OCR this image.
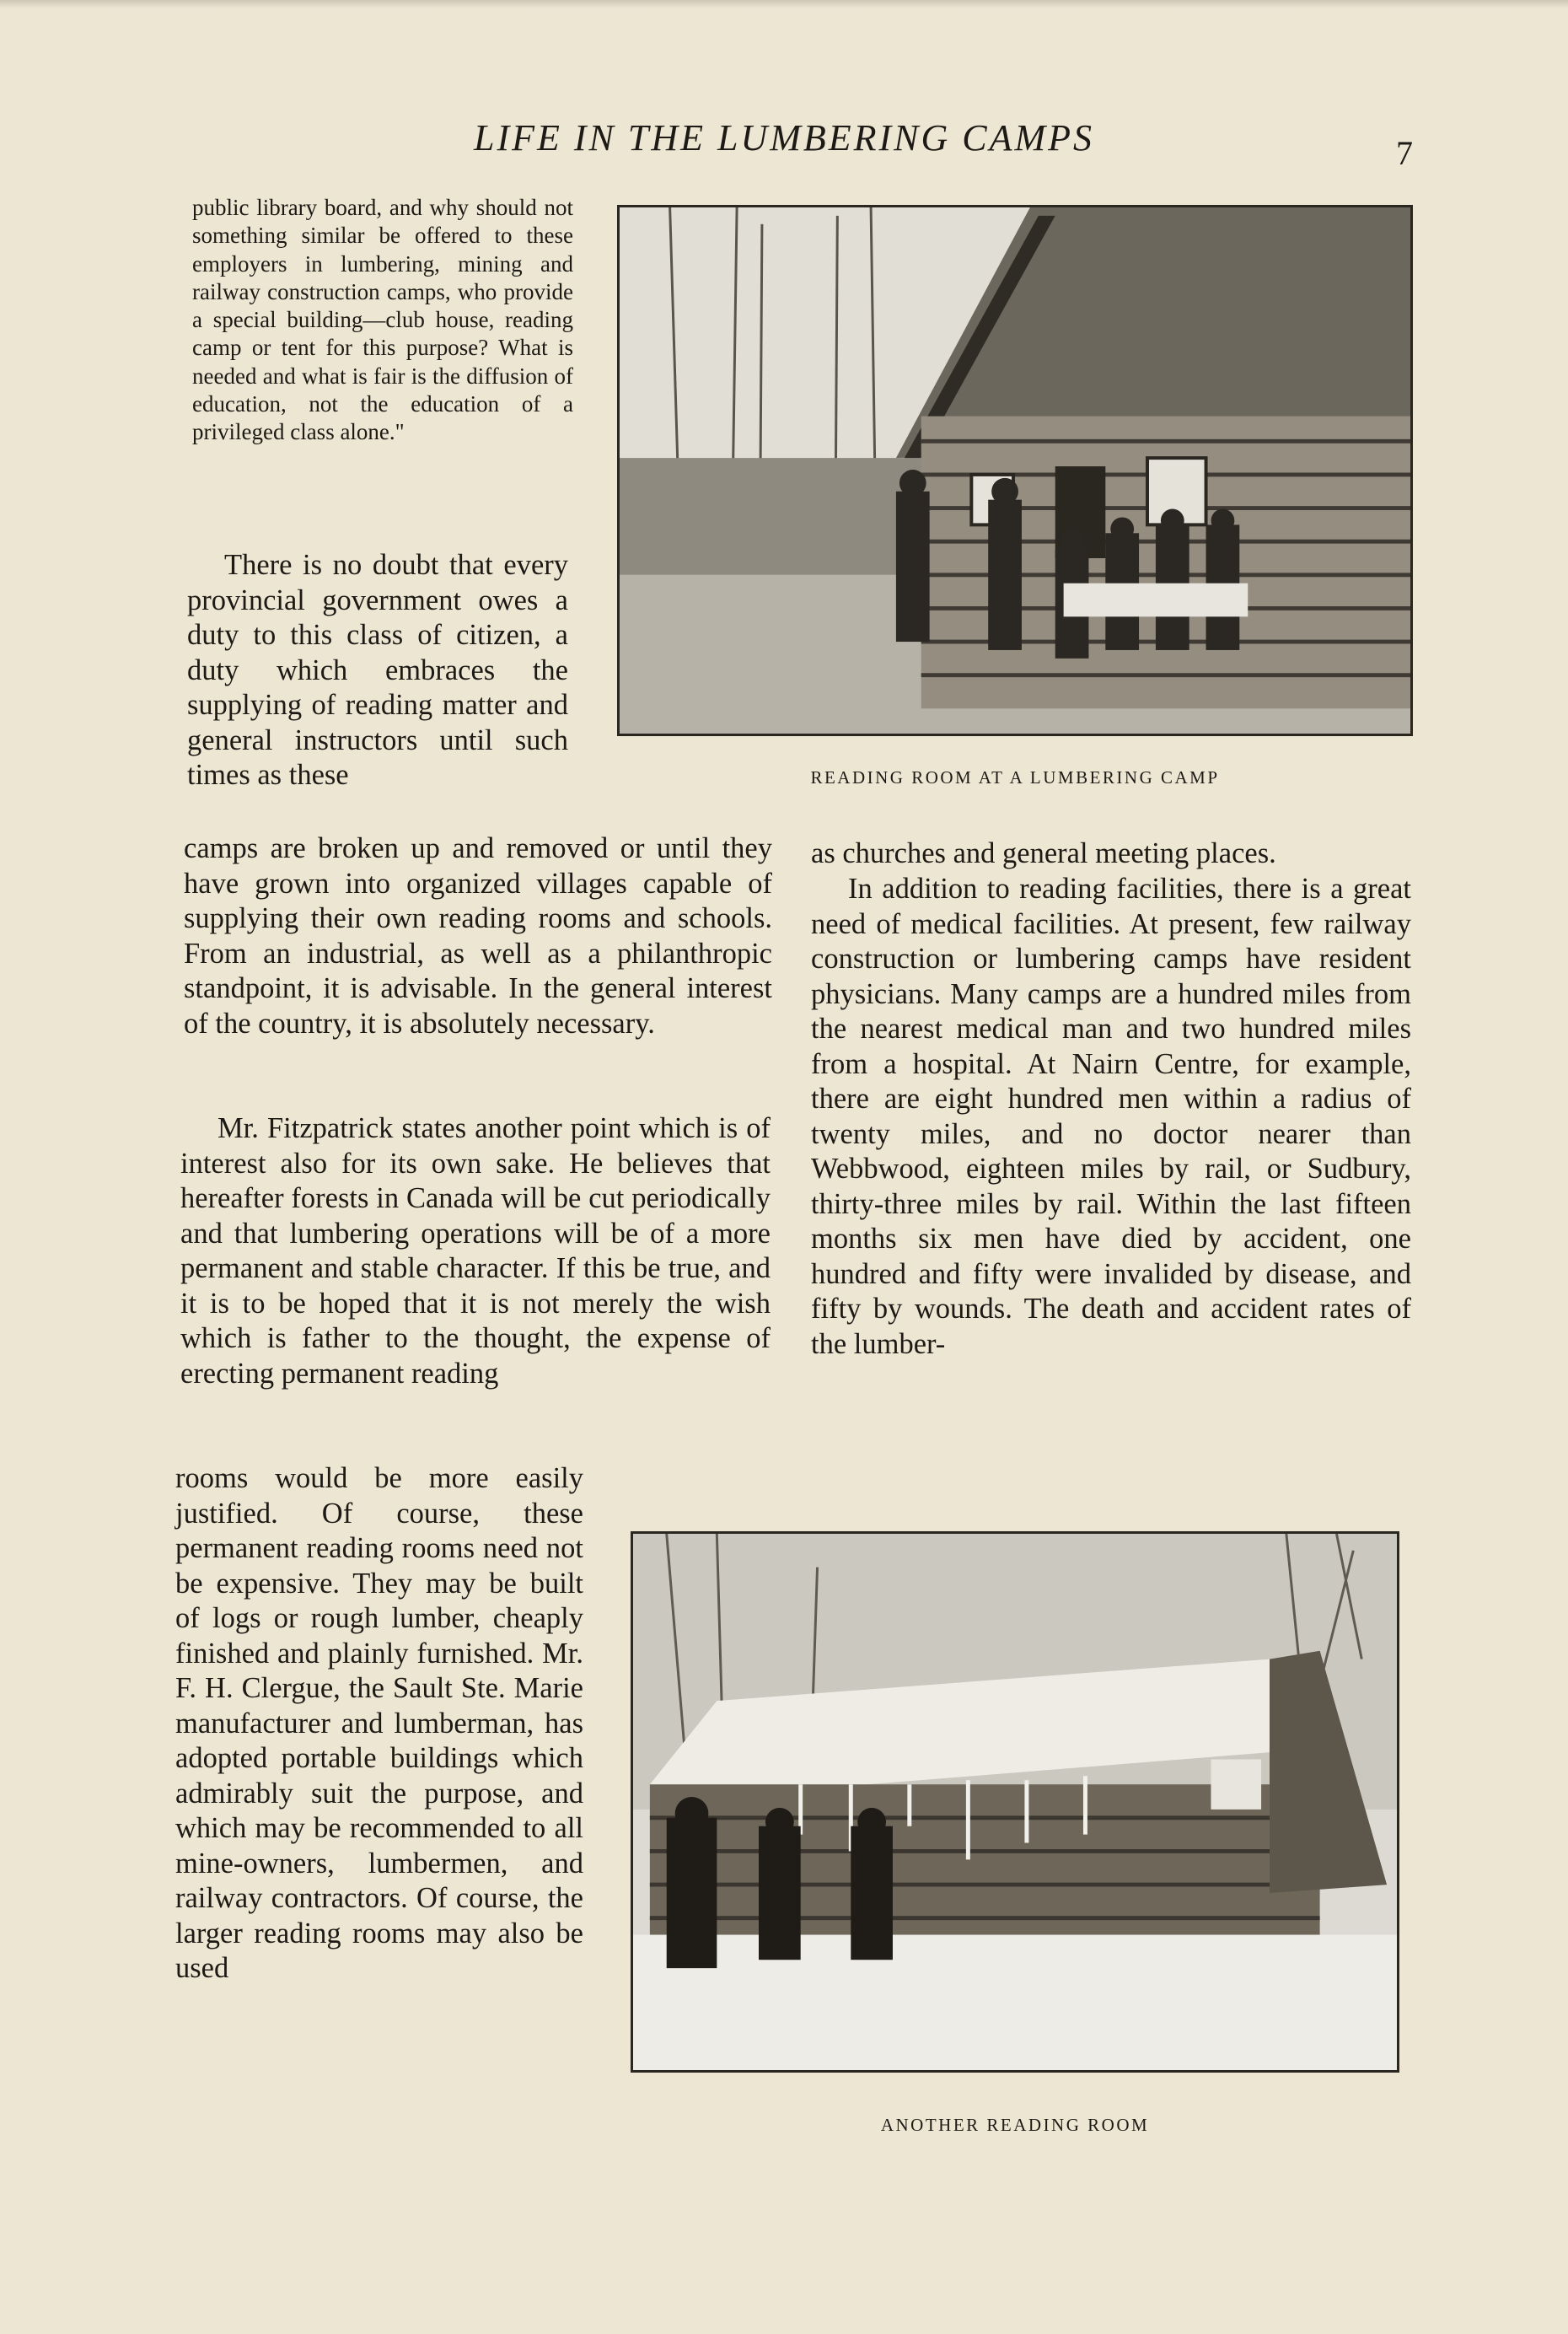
LIFE IN THE LUMBERING CAMPS	7

public library board, and why should not something similar be offered to these employers in lumbering, mining and railway construction camps, who provide a special building—club house, reading camp or tent for this purpose? What is needed and what is fair is the diffusion of education, not the education of a privileged class alone."

There is no doubt that every provincial government owes a duty to this class of citizen, a duty which embraces the supplying of reading matter and general instructors until such times as these

camps are broken up and removed or until they have grown into organized villages capable of supplying their own reading rooms and schools. From an industrial, as well as a philanthropic standpoint, it is advisable. In the general interest of the country, it is absolutely necessary.

Mr. Fitzpatrick states another point which is of interest also for its own sake. He believes that hereafter forests in Canada will be cut periodically and that lumbering operations will be of a more permanent and stable character. If this be true, and it is to be hoped that it is not merely the wish which is father to the thought, the expense of erecting permanent reading

rooms would be more easily justified. Of course, these permanent reading rooms need not be expensive. They may be built of logs or rough lumber, cheaply finished and plainly furnished. Mr. F. H. Clergue, the Sault Ste. Marie manufacturer and lumberman, has adopted portable buildings which admirably suit the purpose, and which may be recommended to all mine-owners, lumbermen, and railway contractors. Of course, the larger reading rooms may also be used

as churches and general meeting places.

In addition to reading facilities, there is a great need of medical facilities. At present, few railway construction or lumbering camps have resident physicians. Many camps are a hundred miles from the nearest medical man and two hundred miles from a hospital. At Nairn Centre, for example, there are eight hundred men within a radius of twenty miles, and no doctor nearer than Webbwood, eighteen miles by rail, or Sudbury, thirty-three miles by rail. Within the last fifteen months six men have died by accident, one hundred and fifty were invalided by disease, and fifty by wounds. The death and accident rates of the lumber-

READING ROOM AT A LUMBERING CAMP
ANOTHER READING ROOM
